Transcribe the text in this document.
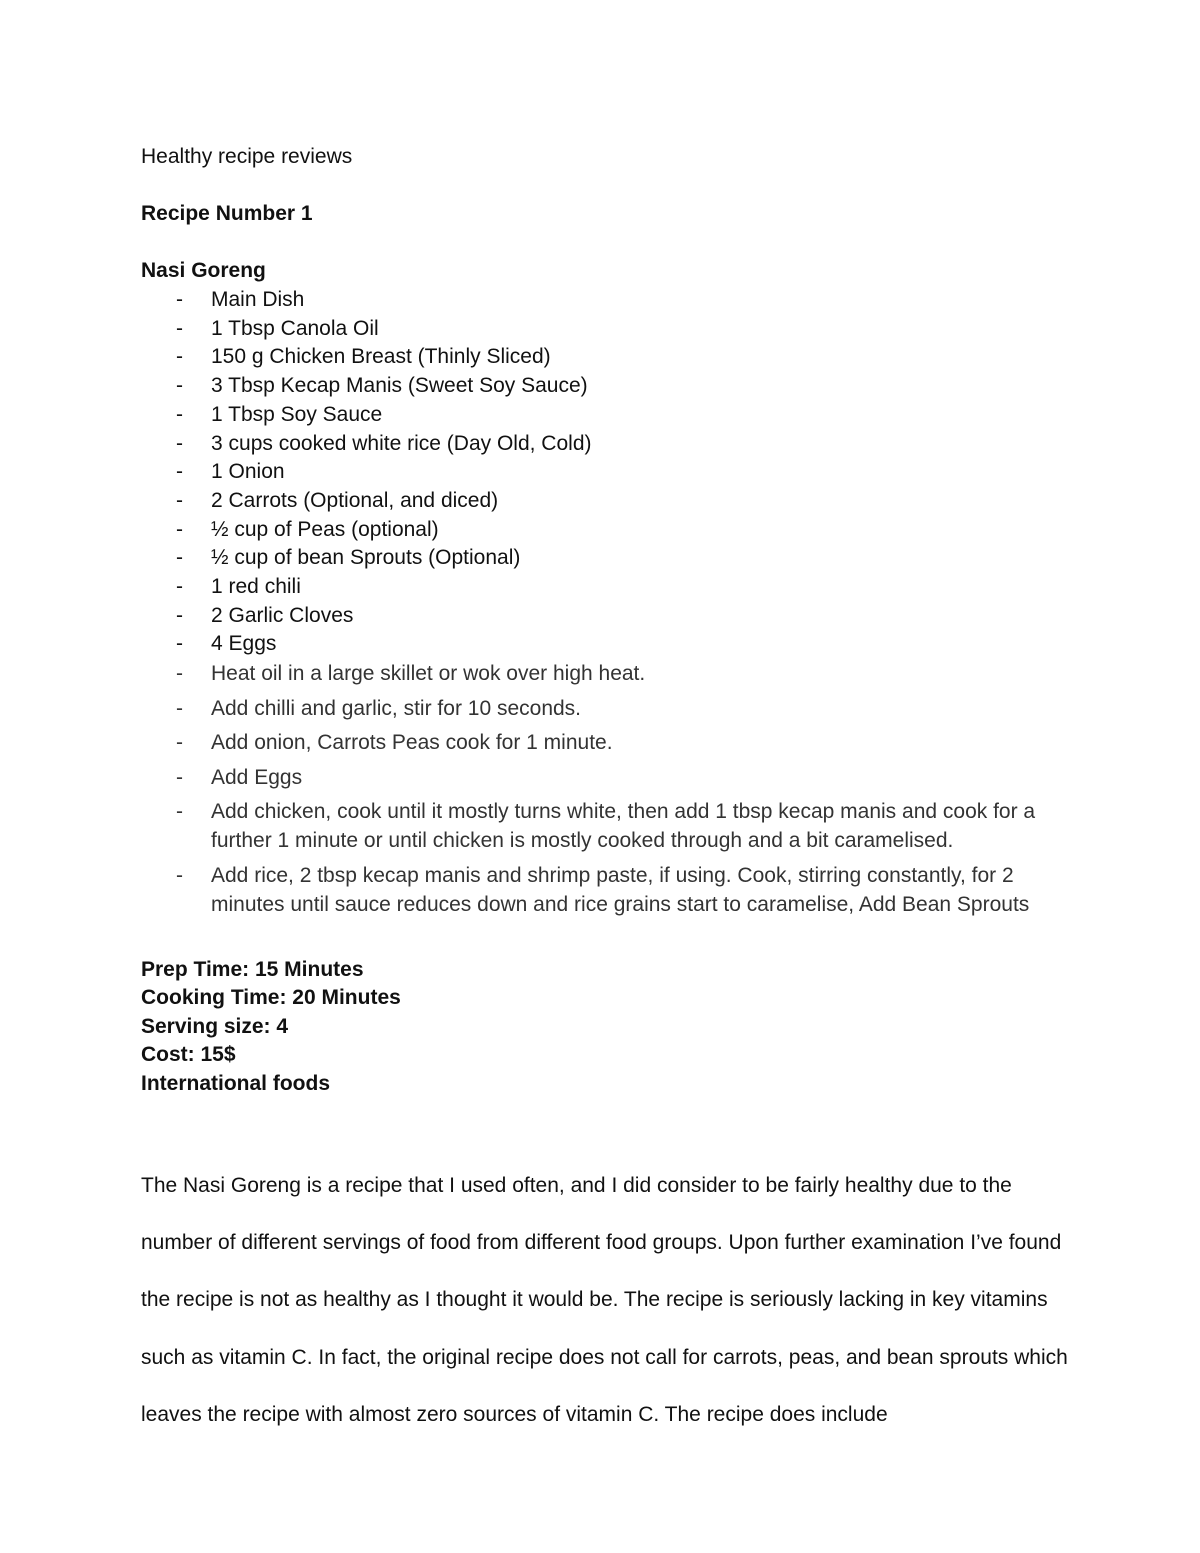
Healthy recipe reviews
Recipe Number 1
Nasi Goreng
- Main Dish
- 1 Tbsp Canola Oil
- 150 g Chicken Breast (Thinly Sliced)
- 3 Tbsp Kecap Manis (Sweet Soy Sauce)
- 1 Tbsp Soy Sauce
- 3 cups cooked white rice (Day Old, Cold)
- 1 Onion
- 2 Carrots (Optional, and diced)
- ½ cup of Peas (optional)
- ½ cup of bean Sprouts (Optional)
- 1 red chili
- 2 Garlic Cloves
- 4 Eggs
- Heat oil in a large skillet or wok over high heat.
- Add chilli and garlic, stir for 10 seconds.
- Add onion, Carrots Peas cook for 1 minute.
- Add Eggs
- Add chicken, cook until it mostly turns white, then add 1 tbsp kecap manis and cook for a further 1 minute or until chicken is mostly cooked through and a bit caramelised.
- Add rice, 2 tbsp kecap manis and shrimp paste, if using. Cook, stirring constantly, for 2 minutes until sauce reduces down and rice grains start to caramelise, Add Bean Sprouts
Prep Time: 15 Minutes
Cooking Time: 20 Minutes
Serving size: 4
Cost: 15$
International foods

The Nasi Goreng is a recipe that I used often, and I did consider to be fairly healthy due to the number of different servings of food from different food groups. Upon further examination I’ve found the recipe is not as healthy as I thought it would be. The recipe is seriously lacking in key vitamins such as vitamin C. In fact, the original recipe does not call for carrots, peas, and bean sprouts which leaves the recipe with almost zero sources of vitamin C. The recipe does include
